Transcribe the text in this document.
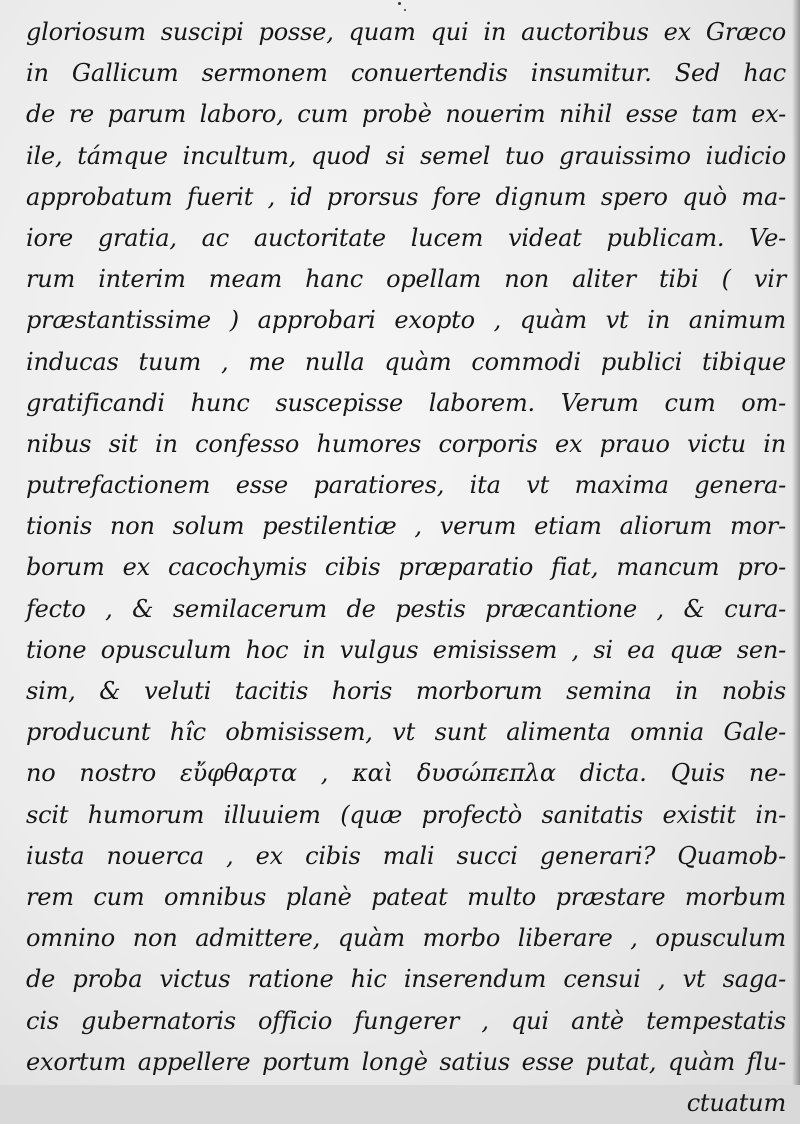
gloriosum suscipi posse, quam qui in auctoribus ex Græco
in Gallicum sermonem conuertendis insumitur. Sed hac
de re parum laboro, cum probè nouerim nihil esse tam ex-
ile, támque incultum, quod si semel tuo grauissimo iudicio
approbatum fuerit , id prorsus fore dignum spero quò ma-
iore gratia, ac auctoritate lucem videat publicam. Ve-
rum interim meam hanc opellam non aliter tibi ( vir
præstantissime ) approbari exopto , quàm vt in animum
inducas tuum , me nulla quàm commodi publici tibique
gratificandi hunc suscepisse laborem. Verum cum om-
nibus sit in confesso humores corporis ex prauo victu in
putrefactionem esse paratiores, ita vt maxima genera-
tionis non solum pestilentiæ , verum etiam aliorum mor-
borum ex cacochymis cibis præparatio fiat, mancum pro-
fecto , & semilacerum de pestis præcantione , & cura-
tione opusculum hoc in vulgus emisissem , si ea quæ sen-
sim, & veluti tacitis horis morborum semina in nobis
producunt hîc obmisissem, vt sunt alimenta omnia Gale-
no nostro εὔφθαρτα , καὶ δυσώπεπλα dicta. Quis ne-
scit humorum illuuiem (quæ profectò sanitatis existit in-
iusta nouerca , ex cibis mali succi generari? Quamob-
rem cum omnibus planè pateat multo præstare morbum
omnino non admittere, quàm morbo liberare , opusculum
de proba victus ratione hic inserendum censui , vt saga-
cis gubernatoris officio fungerer , qui antè tempestatis
exortum appellere portum longè satius esse putat, quàm flu-
ctuatum
